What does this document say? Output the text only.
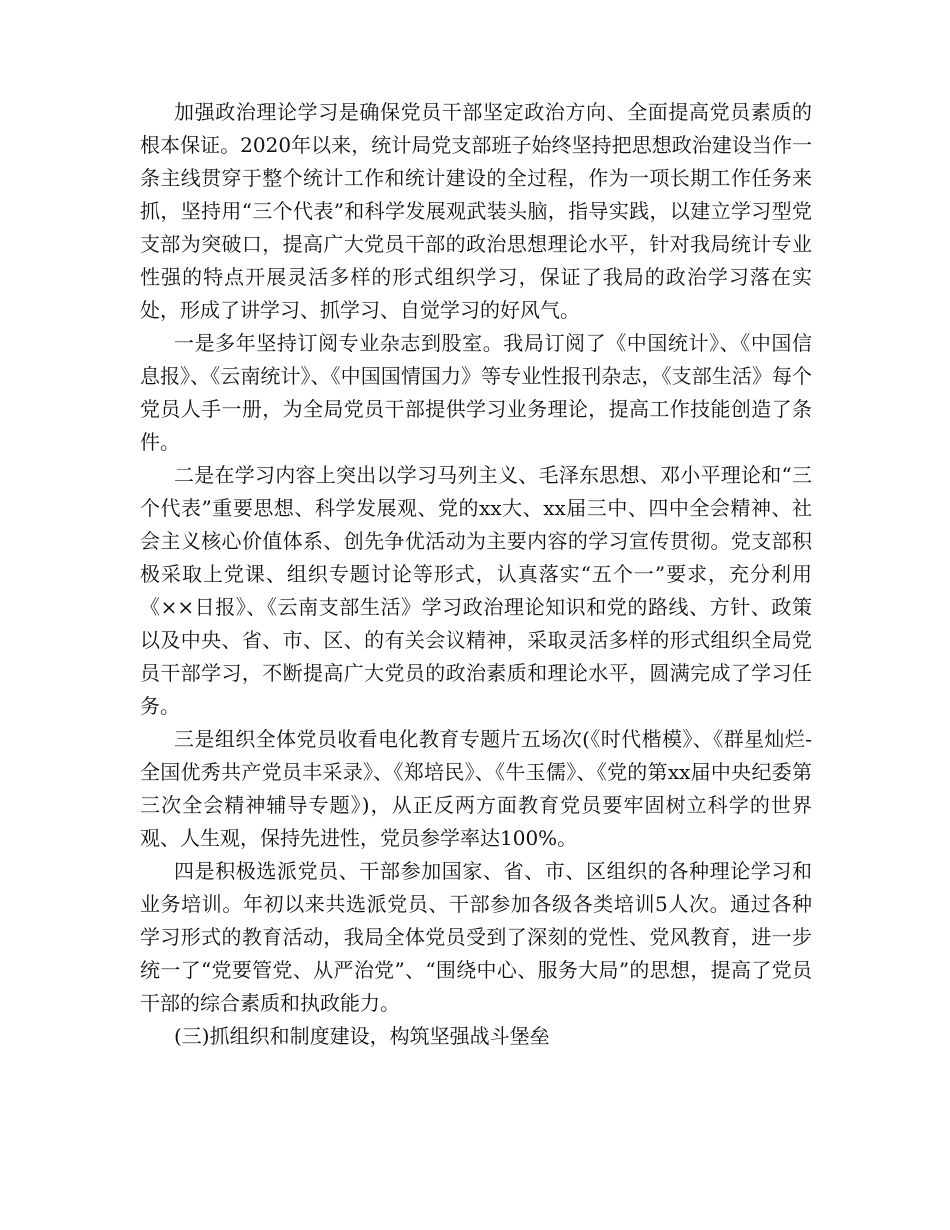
加强政治理论学习是确保党员干部坚定政治方向、全面提高党员素质的根本保证。2020年以来，统计局党支部班子始终坚持把思想政治建设当作一条主线贯穿于整个统计工作和统计建设的全过程，作为一项长期工作任务来抓，坚持用“三个代表”和科学发展观武装头脑，指导实践，以建立学习型党支部为突破口，提高广大党员干部的政治思想理论水平，针对我局统计专业性强的特点开展灵活多样的形式组织学习，保证了我局的政治学习落在实处，形成了讲学习、抓学习、自觉学习的好风气。

一是多年坚持订阅专业杂志到股室。我局订阅了《中国统计》、《中国信息报》、《云南统计》、《中国国情国力》等专业性报刊杂志，《支部生活》每个党员人手一册，为全局党员干部提供学习业务理论，提高工作技能创造了条件。

二是在学习内容上突出以学习马列主义、毛泽东思想、邓小平理论和“三个代表”重要思想、科学发展观、党的xx大、xx届三中、四中全会精神、社会主义核心价值体系、创先争优活动为主要内容的学习宣传贯彻。党支部积极采取上党课、组织专题讨论等形式，认真落实“五个一”要求，充分利用《××日报》、《云南支部生活》学习政治理论知识和党的路线、方针、政策以及中央、省、市、区、的有关会议精神，采取灵活多样的形式组织全局党员干部学习，不断提高广大党员的政治素质和理论水平，圆满完成了学习任务。

三是组织全体党员收看电化教育专题片五场次(《时代楷模》、《群星灿烂-全国优秀共产党员丰采录》、《郑培民》、《牛玉儒》、《党的第xx届中央纪委第三次全会精神辅导专题》)，从正反两方面教育党员要牢固树立科学的世界观、人生观，保持先进性，党员参学率达100%。

四是积极选派党员、干部参加国家、省、市、区组织的各种理论学习和业务培训。年初以来共选派党员、干部参加各级各类培训5人次。通过各种学习形式的教育活动，我局全体党员受到了深刻的党性、党风教育，进一步统一了“党要管党、从严治党”、“围绕中心、服务大局”的思想，提高了党员干部的综合素质和执政能力。

(三)抓组织和制度建设，构筑坚强战斗堡垒
